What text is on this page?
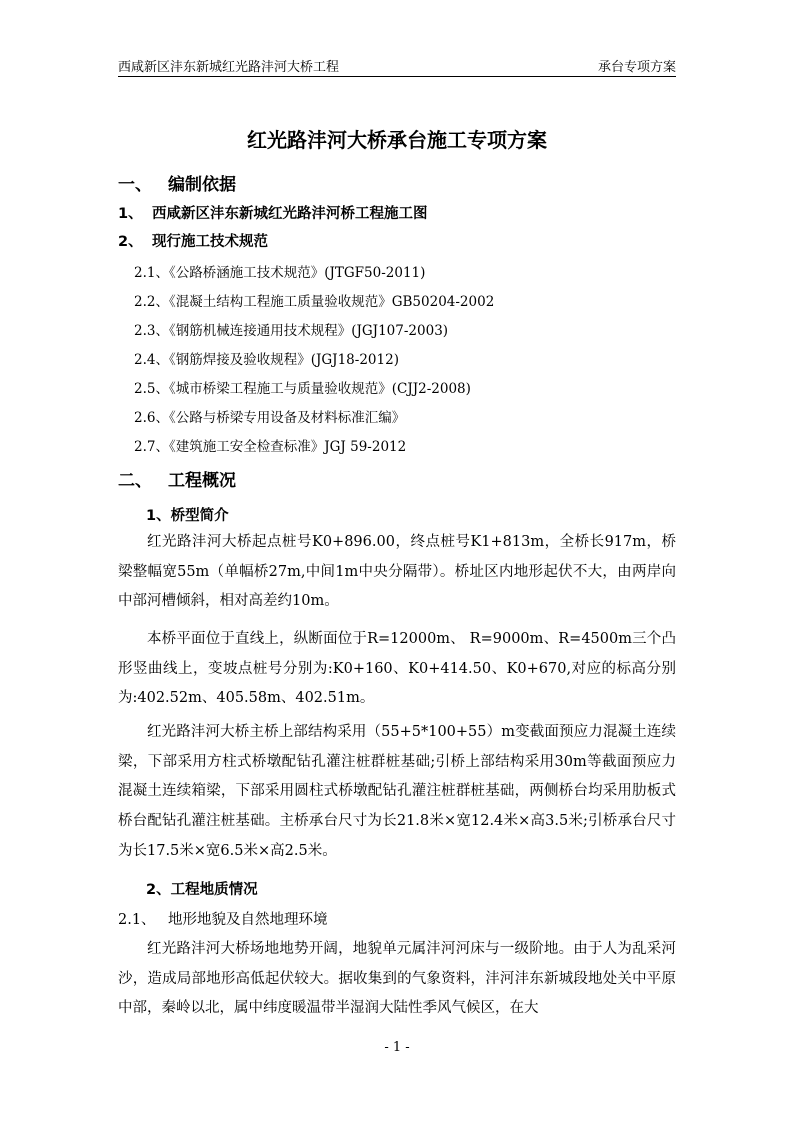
西咸新区沣东新城红光路沣河大桥工程	承台专项方案
红光路沣河大桥承台施工专项方案
一、 编制依据
1、 西咸新区沣东新城红光路沣河桥工程施工图
2、 现行施工技术规范
2.1、《公路桥涵施工技术规范》(JTGF50-2011)
2.2、《混凝土结构工程施工质量验收规范》GB50204-2002
2.3、《钢筋机械连接通用技术规程》(JGJ107-2003)
2.4、《钢筋焊接及验收规程》(JGJ18-2012)
2.5、《城市桥梁工程施工与质量验收规范》(CJJ2-2008)
2.6、《公路与桥梁专用设备及材料标准汇编》
2.7、《建筑施工安全检查标准》JGJ 59-2012
二、 工程概况
1、桥型简介
红光路沣河大桥起点桩号K0+896.00，终点桩号K1+813m，全桥长917m，桥梁整幅宽55m（单幅桥27m,中间1m中央分隔带）。桥址区内地形起伏不大，由两岸向中部河槽倾斜，相对高差约10m。
本桥平面位于直线上，纵断面位于R=12000m、 R=9000m、R=4500m三个凸形竖曲线上，变坡点桩号分别为:K0+160、K0+414.50、K0+670,对应的标高分别为:402.52m、405.58m、402.51m。
红光路沣河大桥主桥上部结构采用（55+5*100+55）m变截面预应力混凝土连续梁，下部采用方柱式桥墩配钻孔灌注桩群桩基础;引桥上部结构采用30m等截面预应力混凝土连续箱梁，下部采用圆柱式桥墩配钻孔灌注桩群桩基础，两侧桥台均采用肋板式桥台配钻孔灌注桩基础。主桥承台尺寸为长21.8米×宽12.4米×高3.5米;引桥承台尺寸为长17.5米×宽6.5米×高2.5米。
2、工程地质情况
2.1、 地形地貌及自然地理环境
红光路沣河大桥场地地势开阔，地貌单元属沣河河床与一级阶地。由于人为乱采河沙，造成局部地形高低起伏较大。据收集到的气象资料，沣河沣东新城段地处关中平原中部，秦岭以北，属中纬度暖温带半湿润大陆性季风气候区，在大
- 1 -
